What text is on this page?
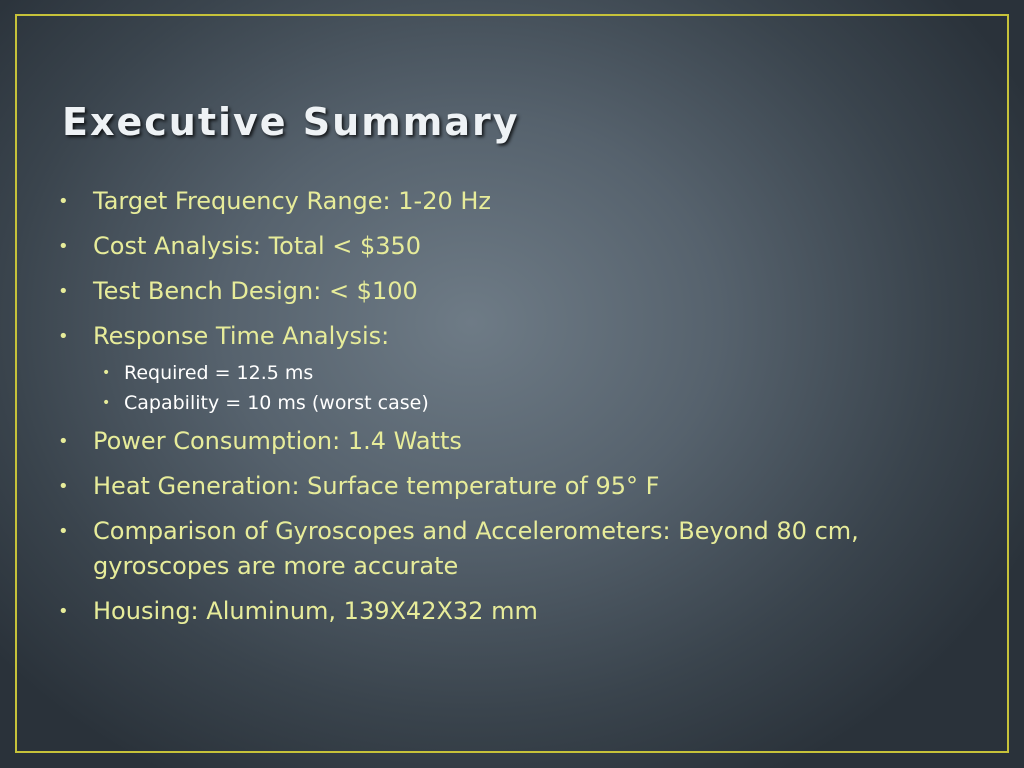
Executive Summary
• Target Frequency Range: 1-20 Hz
• Cost Analysis: Total < $350
• Test Bench Design: < $100
• Response Time Analysis:
• Required = 12.5 ms
• Capability = 10 ms (worst case)
• Power Consumption: 1.4 Watts
• Heat Generation: Surface temperature of 95° F
• Comparison of Gyroscopes and Accelerometers: Beyond 80 cm, gyroscopes are more accurate
• Housing: Aluminum, 139X42X32 mm
